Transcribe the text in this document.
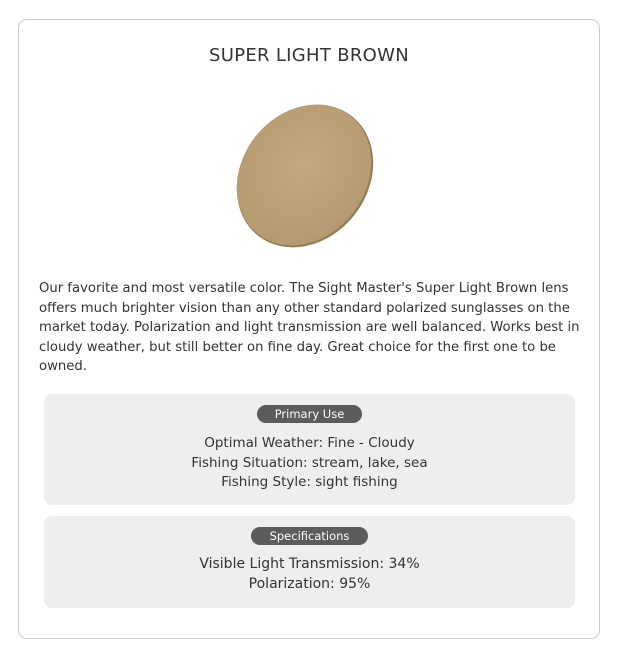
SUPER LIGHT BROWN

Our favorite and most versatile color. The Sight Master's Super Light Brown lens offers much brighter vision than any other standard polarized sunglasses on the market today. Polarization and light transmission are well balanced. Works best in cloudy weather, but still better on fine day. Great choice for the first one to be owned.

Primary Use
Optimal Weather: Fine - Cloudy
Fishing Situation: stream, lake, sea
Fishing Style: sight fishing
Specifications
Visible Light Transmission: 34%
Polarization: 95%
